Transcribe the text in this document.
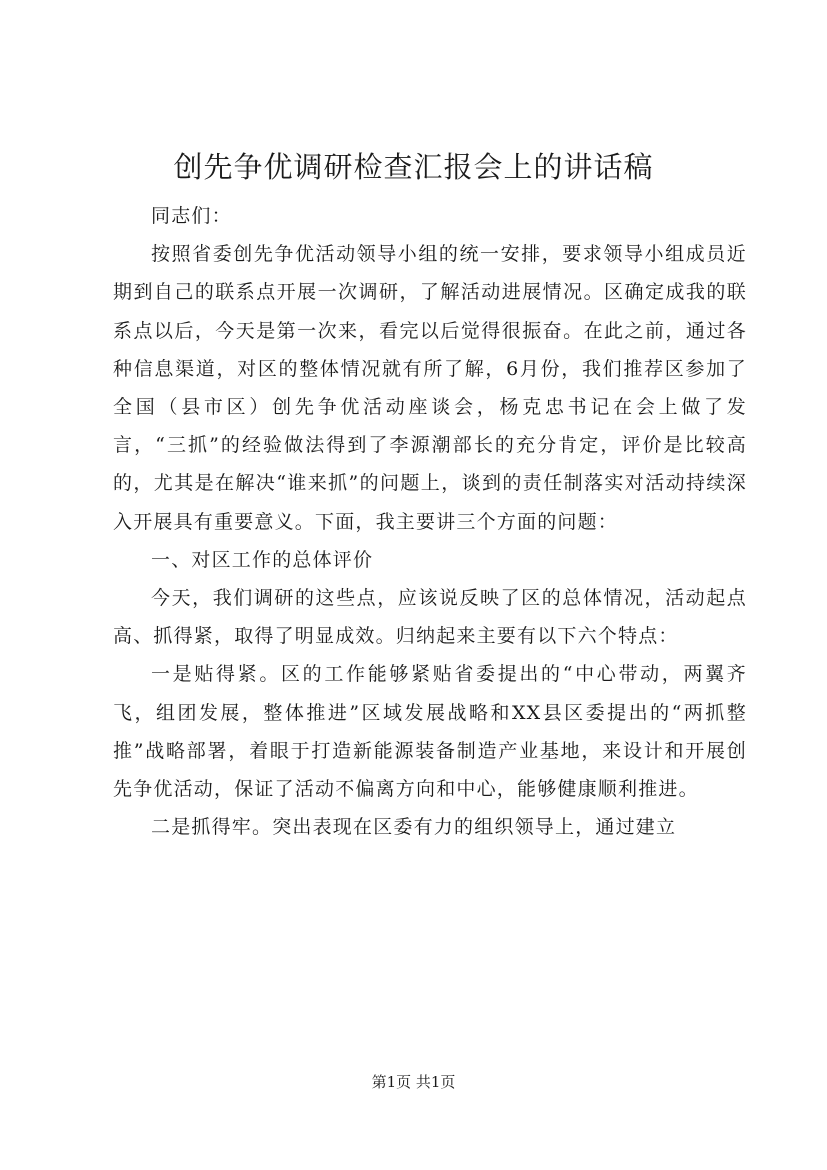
创先争优调研检查汇报会上的讲话稿

同志们：

按照省委创先争优活动领导小组的统一安排，要求领导小组成员近期到自己的联系点开展一次调研，了解活动进展情况。区确定成我的联系点以后，今天是第一次来，看完以后觉得很振奋。在此之前，通过各种信息渠道，对区的整体情况就有所了解，6月份，我们推荐区参加了全国（县市区）创先争优活动座谈会，杨克忠书记在会上做了发言，“三抓”的经验做法得到了李源潮部长的充分肯定，评价是比较高的，尤其是在解决“谁来抓”的问题上，谈到的责任制落实对活动持续深入开展具有重要意义。下面，我主要讲三个方面的问题：

一、对区工作的总体评价

今天，我们调研的这些点，应该说反映了区的总体情况，活动起点高、抓得紧，取得了明显成效。归纳起来主要有以下六个特点：

一是贴得紧。区的工作能够紧贴省委提出的“中心带动，两翼齐飞，组团发展，整体推进”区域发展战略和XX县区委提出的“两抓整推”战略部署，着眼于打造新能源装备制造产业基地，来设计和开展创先争优活动，保证了活动不偏离方向和中心，能够健康顺利推进。

二是抓得牢。突出表现在区委有力的组织领导上，通过建立

第1页 共1页
